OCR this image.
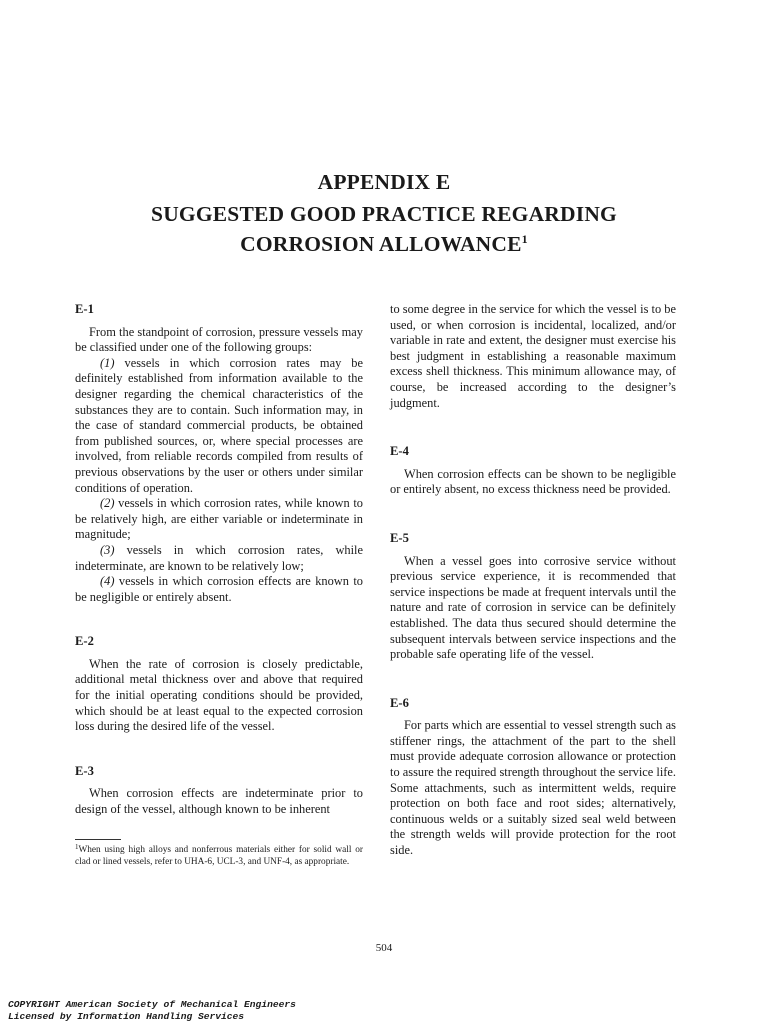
APPENDIX E
SUGGESTED GOOD PRACTICE REGARDING
CORROSION ALLOWANCE$^1$
E-1

From the standpoint of corrosion, pressure vessels may be classified under one of the following groups:

(1) vessels in which corrosion rates may be definitely established from information available to the designer regarding the chemical characteristics of the substances they are to contain. Such information may, in the case of standard commercial products, be obtained from published sources, or, where special processes are involved, from reliable records compiled from results of previous observations by the user or others under similar conditions of operation.

(2) vessels in which corrosion rates, while known to be relatively high, are either variable or indeterminate in magnitude;

(3) vessels in which corrosion rates, while indeterminate, are known to be relatively low;

(4) vessels in which corrosion effects are known to be negligible or entirely absent.

E-2

When the rate of corrosion is closely predictable, additional metal thickness over and above that required for the initial operating conditions should be provided, which should be at least equal to the expected corrosion loss during the desired life of the vessel.

E-3

When corrosion effects are indeterminate prior to design of the vessel, although known to be inherent

to some degree in the service for which the vessel is to be used, or when corrosion is incidental, localized, and/or variable in rate and extent, the designer must exercise his best judgment in establishing a reasonable maximum excess shell thickness. This minimum allowance may, of course, be increased according to the designer’s judgment.

E-4

When corrosion effects can be shown to be negligible or entirely absent, no excess thickness need be provided.

E-5

When a vessel goes into corrosive service without previous service experience, it is recommended that service inspections be made at frequent intervals until the nature and rate of corrosion in service can be definitely established. The data thus secured should determine the subsequent intervals between service inspections and the probable safe operating life of the vessel.

E-6

For parts which are essential to vessel strength such as stiffener rings, the attachment of the part to the shell must provide adequate corrosion allowance or protection to assure the required strength throughout the service life. Some attachments, such as intermittent welds, require protection on both face and root sides; alternatively, continuous welds or a suitably sized seal weld between the strength welds will provide protection for the root side.

$^1$When using high alloys and nonferrous materials either for solid wall or clad or lined vessels, refer to UHA-6, UCL-3, and UNF-4, as appropriate.
504
COPYRIGHT American Society of Mechanical Engineers
Licensed by Information Handling Services
